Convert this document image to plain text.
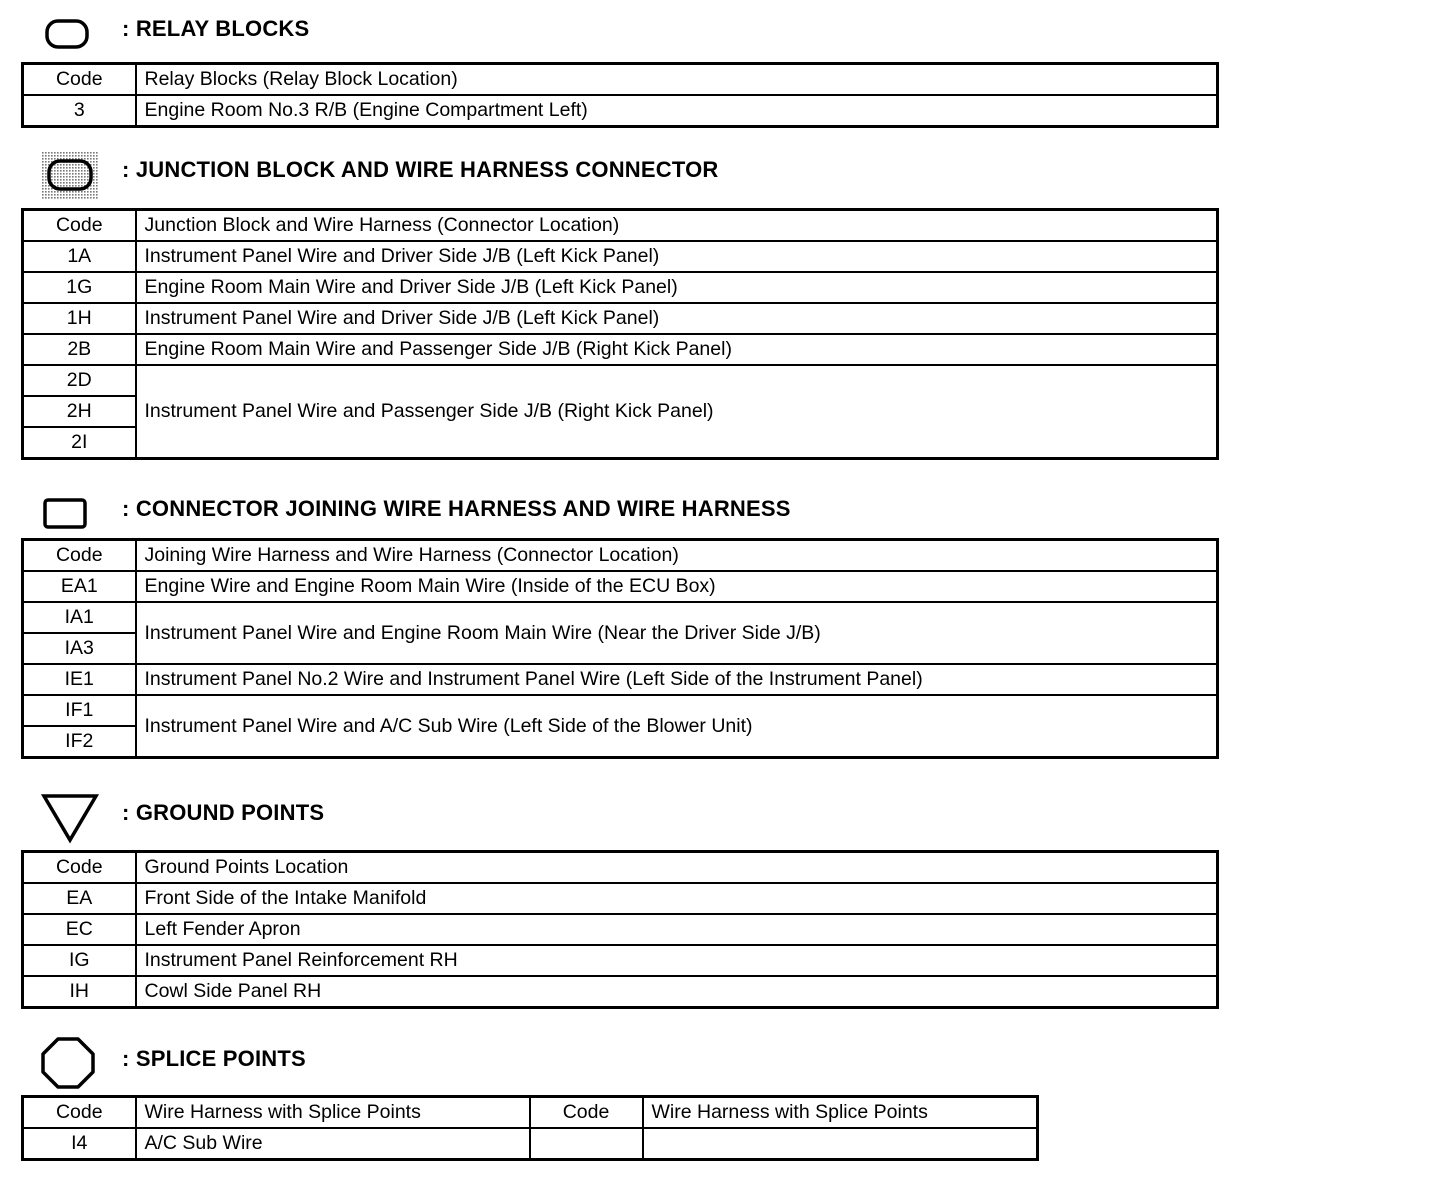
: RELAY BLOCKS
Code	Relay Blocks (Relay Block Location)
3	Engine Room No.3 R/B (Engine Compartment Left)
: JUNCTION BLOCK AND WIRE HARNESS CONNECTOR
Code	Junction Block and Wire Harness (Connector Location)
1A	Instrument Panel Wire and Driver Side J/B (Left Kick Panel)
1G	Engine Room Main Wire and Driver Side J/B (Left Kick Panel)
1H	Instrument Panel Wire and Driver Side J/B (Left Kick Panel)
2B	Engine Room Main Wire and Passenger Side J/B (Right Kick Panel)
2D	Instrument Panel Wire and Passenger Side J/B (Right Kick Panel)
2H	
2I	
: CONNECTOR JOINING WIRE HARNESS AND WIRE HARNESS
Code	Joining Wire Harness and Wire Harness (Connector Location)
EA1	Engine Wire and Engine Room Main Wire (Inside of the ECU Box)
IA1	Instrument Panel Wire and Engine Room Main Wire (Near the Driver Side J/B)
IA3	
IE1	Instrument Panel No.2 Wire and Instrument Panel Wire (Left Side of the Instrument Panel)
IF1	Instrument Panel Wire and A/C Sub Wire (Left Side of the Blower Unit)
IF2	
: GROUND POINTS
Code	Ground Points Location
EA	Front Side of the Intake Manifold
EC	Left Fender Apron
IG	Instrument Panel Reinforcement RH
IH	Cowl Side Panel RH
: SPLICE POINTS
Code	Wire Harness with Splice Points	Code	Wire Harness with Splice Points
I4	A/C Sub Wire		
